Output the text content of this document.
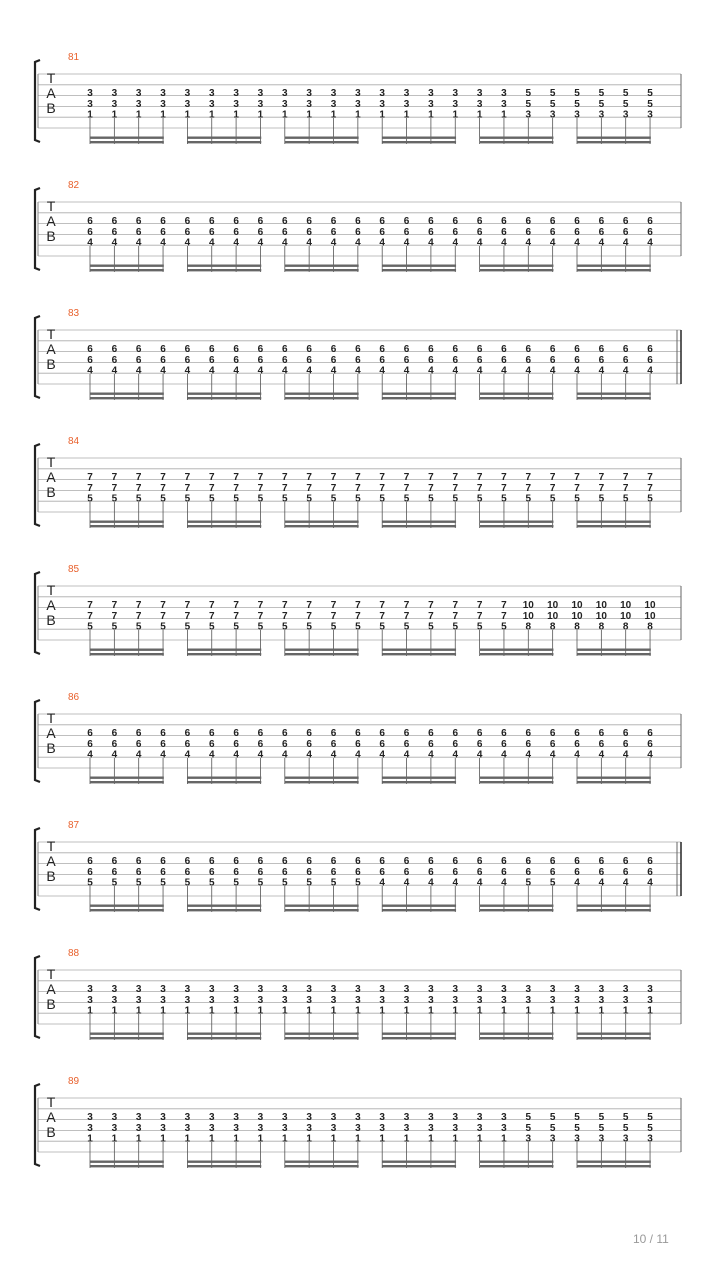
81
T
A
B
3
3
1
3
3
1
3
3
1
3
3
1
3
3
1
3
3
1
3
3
1
3
3
1
3
3
1
3
3
1
3
3
1
3
3
1
3
3
1
3
3
1
3
3
1
3
3
1
3
3
1
3
3
1
5
5
3
5
5
3
5
5
3
5
5
3
5
5
3
5
5
3
82
T
A
B
6
6
4
6
6
4
6
6
4
6
6
4
6
6
4
6
6
4
6
6
4
6
6
4
6
6
4
6
6
4
6
6
4
6
6
4
6
6
4
6
6
4
6
6
4
6
6
4
6
6
4
6
6
4
6
6
4
6
6
4
6
6
4
6
6
4
6
6
4
6
6
4
83
T
A
B
6
6
4
6
6
4
6
6
4
6
6
4
6
6
4
6
6
4
6
6
4
6
6
4
6
6
4
6
6
4
6
6
4
6
6
4
6
6
4
6
6
4
6
6
4
6
6
4
6
6
4
6
6
4
6
6
4
6
6
4
6
6
4
6
6
4
6
6
4
6
6
4
84
T
A
B
7
7
5
7
7
5
7
7
5
7
7
5
7
7
5
7
7
5
7
7
5
7
7
5
7
7
5
7
7
5
7
7
5
7
7
5
7
7
5
7
7
5
7
7
5
7
7
5
7
7
5
7
7
5
7
7
5
7
7
5
7
7
5
7
7
5
7
7
5
7
7
5
85
T
A
B
7
7
5
7
7
5
7
7
5
7
7
5
7
7
5
7
7
5
7
7
5
7
7
5
7
7
5
7
7
5
7
7
5
7
7
5
7
7
5
7
7
5
7
7
5
7
7
5
7
7
5
7
7
5
10
10
8
10
10
8
10
10
8
10
10
8
10
10
8
10
10
8
86
T
A
B
6
6
4
6
6
4
6
6
4
6
6
4
6
6
4
6
6
4
6
6
4
6
6
4
6
6
4
6
6
4
6
6
4
6
6
4
6
6
4
6
6
4
6
6
4
6
6
4
6
6
4
6
6
4
6
6
4
6
6
4
6
6
4
6
6
4
6
6
4
6
6
4
87
T
A
B
6
6
5
6
6
5
6
6
5
6
6
5
6
6
5
6
6
5
6
6
5
6
6
5
6
6
5
6
6
5
6
6
5
6
6
5
6
6
4
6
6
4
6
6
4
6
6
4
6
6
4
6
6
4
6
6
5
6
6
5
6
6
4
6
6
4
6
6
4
6
6
4
88
T
A
B
3
3
1
3
3
1
3
3
1
3
3
1
3
3
1
3
3
1
3
3
1
3
3
1
3
3
1
3
3
1
3
3
1
3
3
1
3
3
1
3
3
1
3
3
1
3
3
1
3
3
1
3
3
1
3
3
1
3
3
1
3
3
1
3
3
1
3
3
1
3
3
1
89
T
A
B
3
3
1
3
3
1
3
3
1
3
3
1
3
3
1
3
3
1
3
3
1
3
3
1
3
3
1
3
3
1
3
3
1
3
3
1
3
3
1
3
3
1
3
3
1
3
3
1
3
3
1
3
3
1
5
5
3
5
5
3
5
5
3
5
5
3
5
5
3
5
5
3
10 / 11
